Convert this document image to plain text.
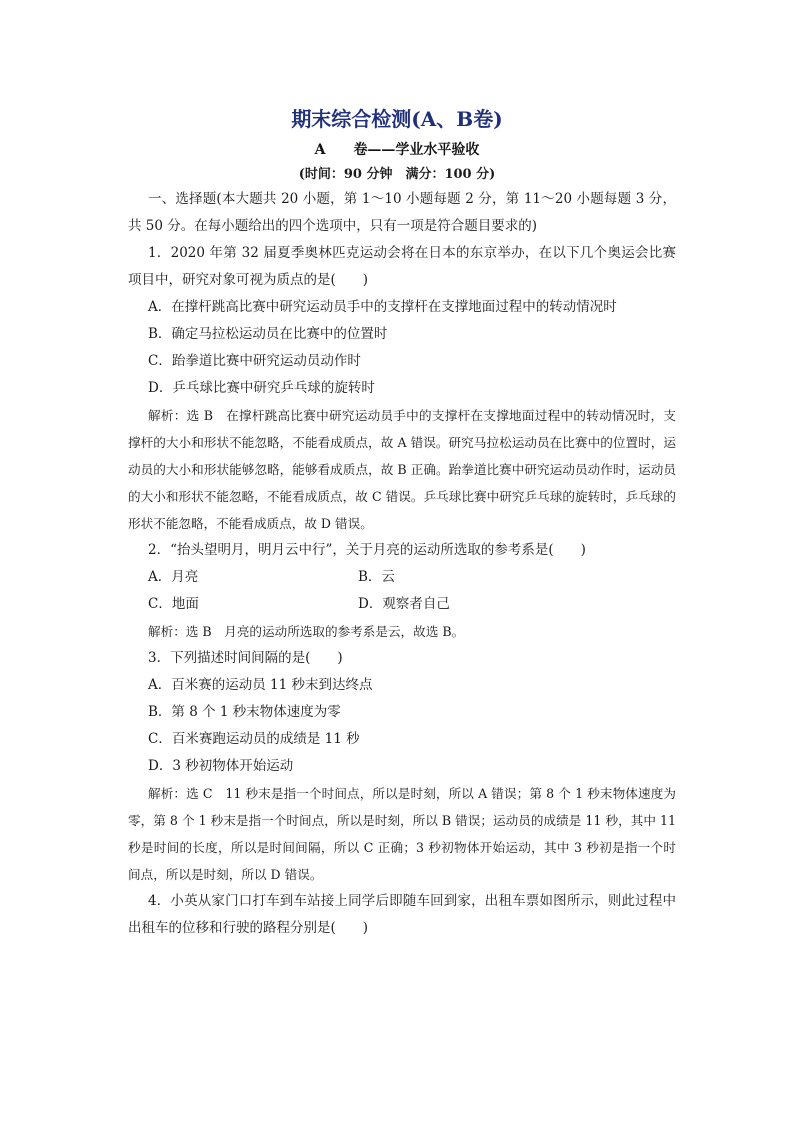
期末综合检测(A、B卷)
A 卷——学业水平验收
(时间：90 分钟　满分：100 分)

一、选择题(本大题共 20 小题，第 1～10 小题每题 2 分，第 11～20 小题每题 3 分，共 50 分。在每小题给出的四个选项中，只有一项是符合题目要求的)

1．2020 年第 32 届夏季奥林匹克运动会将在日本的东京举办，在以下几个奥运会比赛项目中，研究对象可视为质点的是(　　)

A．在撑杆跳高比赛中研究运动员手中的支撑杆在支撑地面过程中的转动情况时

B．确定马拉松运动员在比赛中的位置时

C．跆拳道比赛中研究运动员动作时

D．乒乓球比赛中研究乒乓球的旋转时

解析：选 B　在撑杆跳高比赛中研究运动员手中的支撑杆在支撑地面过程中的转动情况时，支撑杆的大小和形状不能忽略，不能看成质点，故 A 错误。研究马拉松运动员在比赛中的位置时，运动员的大小和形状能够忽略，能够看成质点，故 B 正确。跆拳道比赛中研究运动员动作时，运动员的大小和形状不能忽略，不能看成质点，故 C 错误。乒乓球比赛中研究乒乓球的旋转时，乒乓球的形状不能忽略，不能看成质点，故 D 错误。

2．“抬头望明月，明月云中行”，关于月亮的运动所选取的参考系是(　　)

A．月亮	B．云
C．地面	D．观察者自己

解析：选 B　月亮的运动所选取的参考系是云，故选 B。

3．下列描述时间间隔的是(　　)

A．百米赛的运动员 11 秒末到达终点

B．第 8 个 1 秒末物体速度为零

C．百米赛跑运动员的成绩是 11 秒

D．3 秒初物体开始运动

解析：选 C　11 秒末是指一个时间点，所以是时刻，所以 A 错误；第 8 个 1 秒末物体速度为零，第 8 个 1 秒末是指一个时间点，所以是时刻，所以 B 错误；运动员的成绩是 11 秒，其中 11 秒是时间的长度，所以是时间间隔，所以 C 正确；3 秒初物体开始运动，其中 3 秒初是指一个时间点，所以是时刻，所以 D 错误。

4．小英从家门口打车到车站接上同学后即随车回到家，出租车票如图所示，则此过程中出租车的位移和行驶的路程分别是(　　)
